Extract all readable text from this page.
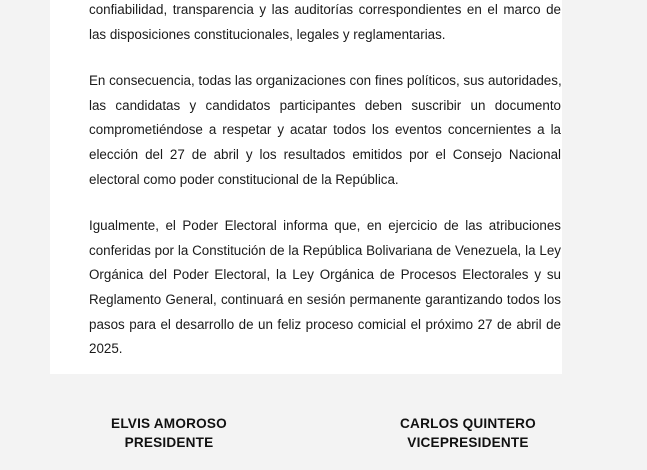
confiabilidad, transparencia y las auditorías correspondientes en el marco de
las disposiciones constitucionales, legales y reglamentarias.

En consecuencia, todas las organizaciones con fines políticos, sus autoridades,
las candidatas y candidatos participantes deben suscribir un documento
comprometiéndose a respetar y acatar todos los eventos concernientes a la
elección del 27 de abril y los resultados emitidos por el Consejo Nacional
electoral como poder constitucional de la República.

Igualmente, el Poder Electoral informa que, en ejercicio de las atribuciones
conferidas por la Constitución de la República Bolivariana de Venezuela, la Ley
Orgánica del Poder Electoral, la Ley Orgánica de Procesos Electorales y su
Reglamento General, continuará en sesión permanente garantizando todos los
pasos para el desarrollo de un feliz proceso comicial el próximo 27 de abril de
2025.

ELVIS AMOROSO
PRESIDENTE
CARLOS QUINTERO
VICEPRESIDENTE
